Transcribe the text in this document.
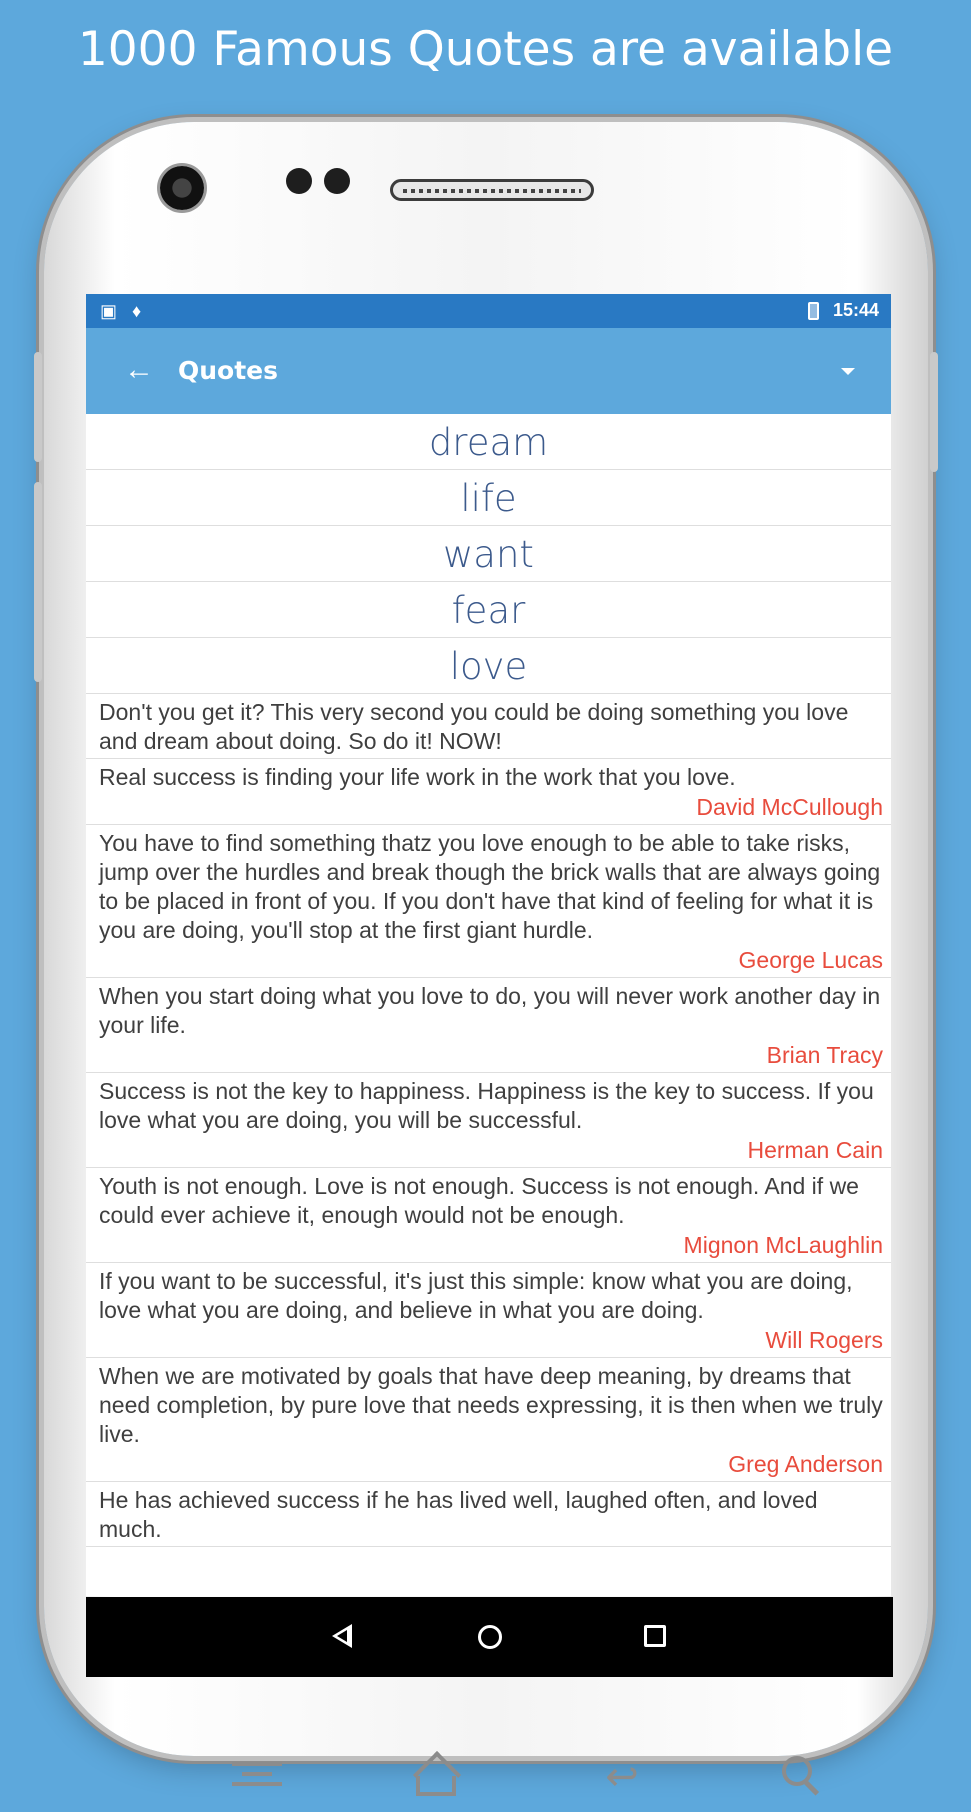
1000 Famous Quotes are available
▣ ♦	15:44
← Quotes
dream
life
want
fear
love
Don't you get it? This very second you could be doing something you love and dream about doing. So do it! NOW!
Real success is finding your life work in the work that you love.
David McCullough
You have to find something thatz you love enough to be able to take risks, jump over the hurdles and break though the brick walls that are always going to be placed in front of you. If you don't have that kind of feeling for what it is you are doing, you'll stop at the first giant hurdle.
George Lucas
When you start doing what you love to do, you will never work another day in your life.
Brian Tracy
Success is not the key to happiness. Happiness is the key to success. If you love what you are doing, you will be successful.
Herman Cain
Youth is not enough. Love is not enough. Success is not enough. And if we could ever achieve it, enough would not be enough.
Mignon McLaughlin
If you want to be successful, it's just this simple: know what you are doing, love what you are doing, and believe in what you are doing.
Will Rogers
When we are motivated by goals that have deep meaning, by dreams that need completion, by pure love that needs expressing, it is then when we truly live.
Greg Anderson
He has achieved success if he has lived well, laughed often, and loved much.
↩
